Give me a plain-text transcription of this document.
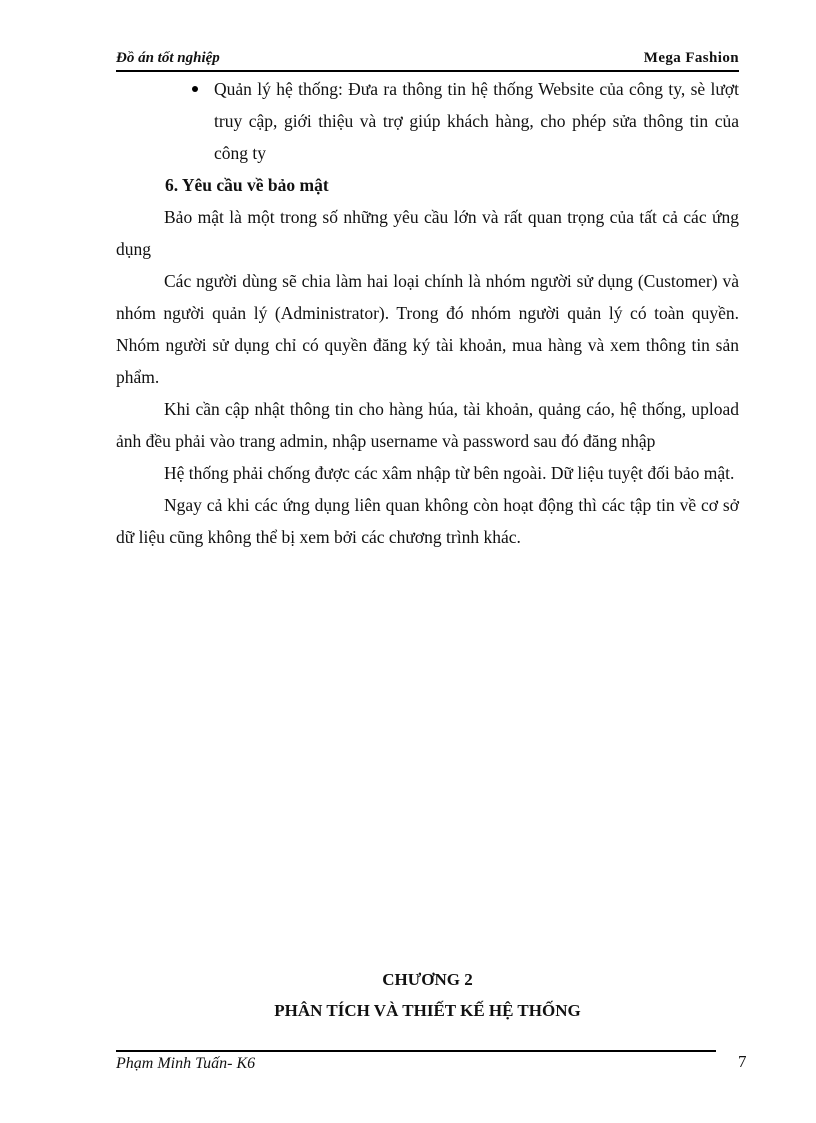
Đồ án tốt nghiệp	Mega Fashion
Quản lý hệ thống: Đưa ra thông tin hệ thống Website của công ty, sè lượt truy cập, giới thiệu và trợ giúp khách hàng, cho phép sửa thông tin của công ty
6. Yêu cầu về bảo mật

Bảo mật là một trong số những yêu cầu lớn và rất quan trọng của tất cả các ứng dụng

Các người dùng sẽ chia làm hai loại chính là nhóm người sử dụng (Customer) và nhóm người quản lý (Administrator). Trong đó nhóm người quản lý có toàn quyền. Nhóm người sử dụng chỉ có quyền đăng ký tài khoản, mua hàng và xem thông tin sản phẩm.

Khi cần cập nhật thông tin cho hàng húa, tài khoản, quảng cáo, hệ thống, upload ảnh đều phải vào trang admin, nhập username và password sau đó đăng nhập

Hệ thống phải chống được các xâm nhập từ bên ngoài. Dữ liệu tuyệt đối bảo mật.

Ngay cả khi các ứng dụng liên quan không còn hoạt động thì các tập tin về cơ sở dữ liệu cũng không thể bị xem bởi các chương trình khác.

CHƯƠNG 2
PHÂN TÍCH VÀ THIẾT KẾ HỆ THỐNG
Phạm Minh Tuấn- K6	7
